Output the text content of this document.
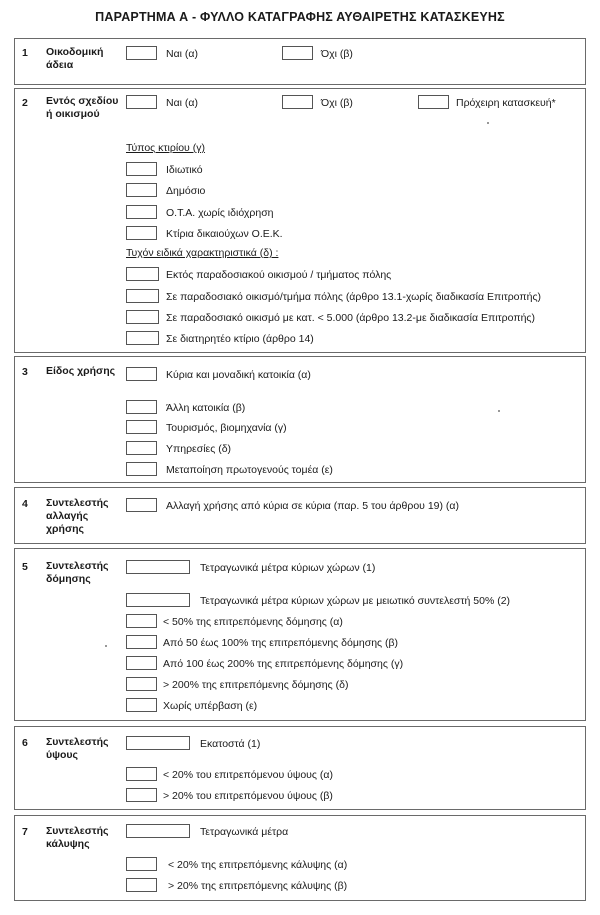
ΠΑΡΑΡΤΗΜΑ Α - ΦΥΛΛΟ ΚΑΤΑΓΡΑΦΗΣ ΑΥΘΑΙΡΕΤΗΣ ΚΑΤΑΣΚΕΥΗΣ
1 Οικοδομική άδεια
Ναι (α)	Όχι (β)
2 Εντός σχεδίου ή οικισμού
Ναι (α)	Όχι (β)	Πρόχειρη κατασκευή*
Τύπος κτιρίου (γ)
Ιδιωτικό
Δημόσιο
Ο.Τ.Α. χωρίς ιδιόχρηση
Κτίρια δικαιούχων Ο.Ε.Κ.
Τυχόν ειδικά χαρακτηριστικά (δ) :
Εκτός παραδοσιακού οικισμού / τμήματος πόλης
Σε παραδοσιακό οικισμό/τμήμα πόλης (άρθρο 13.1-χωρίς διαδικασία Επιτροπής)
Σε παραδοσιακό οικισμό με κατ. < 5.000 (άρθρο 13.2-με διαδικασία Επιτροπής)
Σε διατηρητέο κτίριο (άρθρο 14)
3 Είδος χρήσης	Κύρια και μοναδική κατοικία (α)
Άλλη κατοικία (β)
Τουρισμός, βιομηχανία (γ)
Υπηρεσίες (δ)
Μεταποίηση πρωτογενούς τομέα (ε)
4 Συντελεστής αλλαγής χρήσης
Αλλαγή χρήσης από κύρια σε κύρια (παρ. 5 του άρθρου 19) (α)
5 Συντελεστής δόμησης
Τετραγωνικά μέτρα κύριων χώρων (1)
Τετραγωνικά μέτρα κύριων χώρων με μειωτικό συντελεστή 50% (2)
< 50% της επιτρεπόμενης δόμησης (α)
Από 50 έως 100% της επιτρεπόμενης δόμησης (β)
Από 100 έως 200% της επιτρεπόμενης δόμησης (γ)
> 200% της επιτρεπόμενης δόμησης (δ)
Χωρίς υπέρβαση (ε)
6 Συντελεστής ύψους
Εκατοστά (1)
< 20% του επιτρεπόμενου ύψους (α)
> 20% του επιτρεπόμενου ύψους (β)
7 Συντελεστής κάλυψης
Τετραγωνικά μέτρα
< 20% της επιτρεπόμενης κάλυψης (α)
> 20% της επιτρεπόμενης κάλυψης (β)
